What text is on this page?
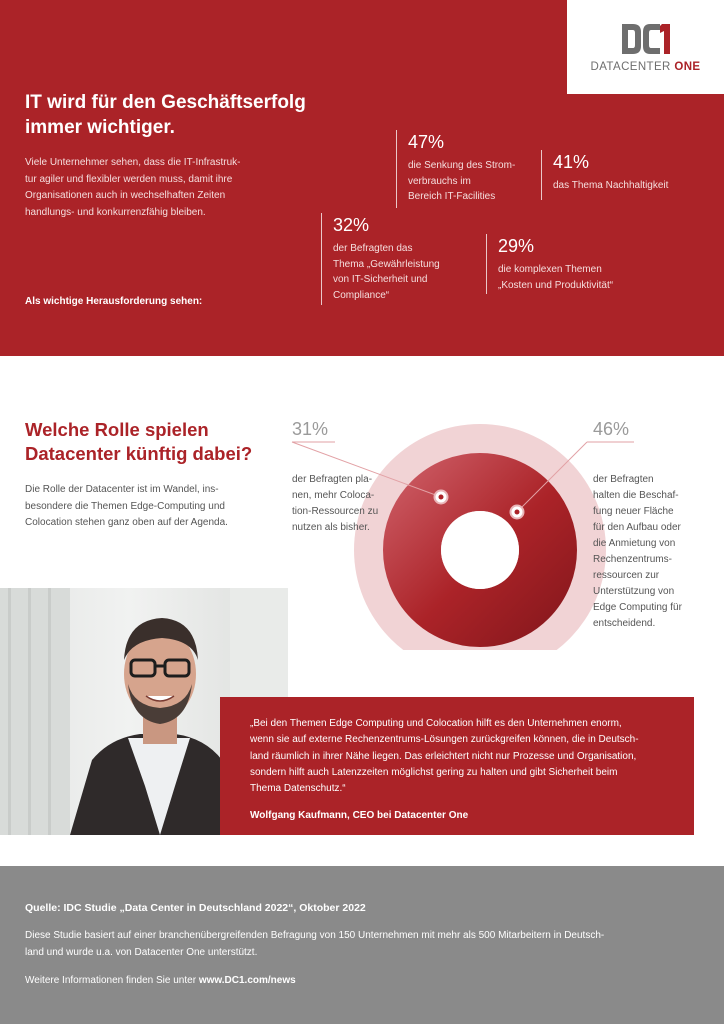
DATACENTER ONE
IT wird für den Geschäftserfolg
immer wichtiger.

Viele Unternehmer sehen, dass die IT-Infrastruk-
tur agiler und flexibler werden muss, damit ihre
Organisationen auch in wechselhaften Zeiten
handlungs- und konkurrenzfähig bleiben.

Als wichtige Herausforderung sehen:
47%
die Senkung des Strom-
verbrauchs im
Bereich IT-Facilities
41%
das Thema Nachhaltigkeit
32%
der Befragten das
Thema „Gewährleistung
von IT-Sicherheit und
Compliance“
29%
die komplexen Themen
„Kosten und Produktivität“
Welche Rolle spielen
Datacenter künftig dabei?

Die Rolle der Datacenter ist im Wandel, ins-
besondere die Themen Edge-Computing und
Colocation stehen ganz oben auf der Agenda.

31%

der Befragten pla-
nen, mehr Coloca-
tion-Ressourcen zu
nutzen als bisher.

46%

der Befragten
halten die Beschaf-
fung neuer Fläche
für den Aufbau oder
die Anmietung von
Rechenzentrums-
ressourcen zur
Unterstützung von
Edge Computing für
entscheidend.

„Bei den Themen Edge Computing und Colocation hilft es den Unternehmen enorm,
wenn sie auf externe Rechenzentrums-Lösungen zurückgreifen können, die in Deutsch-
land räumlich in ihrer Nähe liegen. Das erleichtert nicht nur Prozesse und Organisation,
sondern hilft auch Latenzzeiten möglichst gering zu halten und gibt Sicherheit beim
Thema Datenschutz.“

Wolfgang Kaufmann, CEO bei Datacenter One

Quelle: IDC Studie „Data Center in Deutschland 2022“, Oktober 2022

Diese Studie basiert auf einer branchenübergreifenden Befragung von 150 Unternehmen mit mehr als 500 Mitarbeitern in Deutsch-
land und wurde u.a. von Datacenter One unterstützt.

Weitere Informationen finden Sie unter www.DC1.com/news
